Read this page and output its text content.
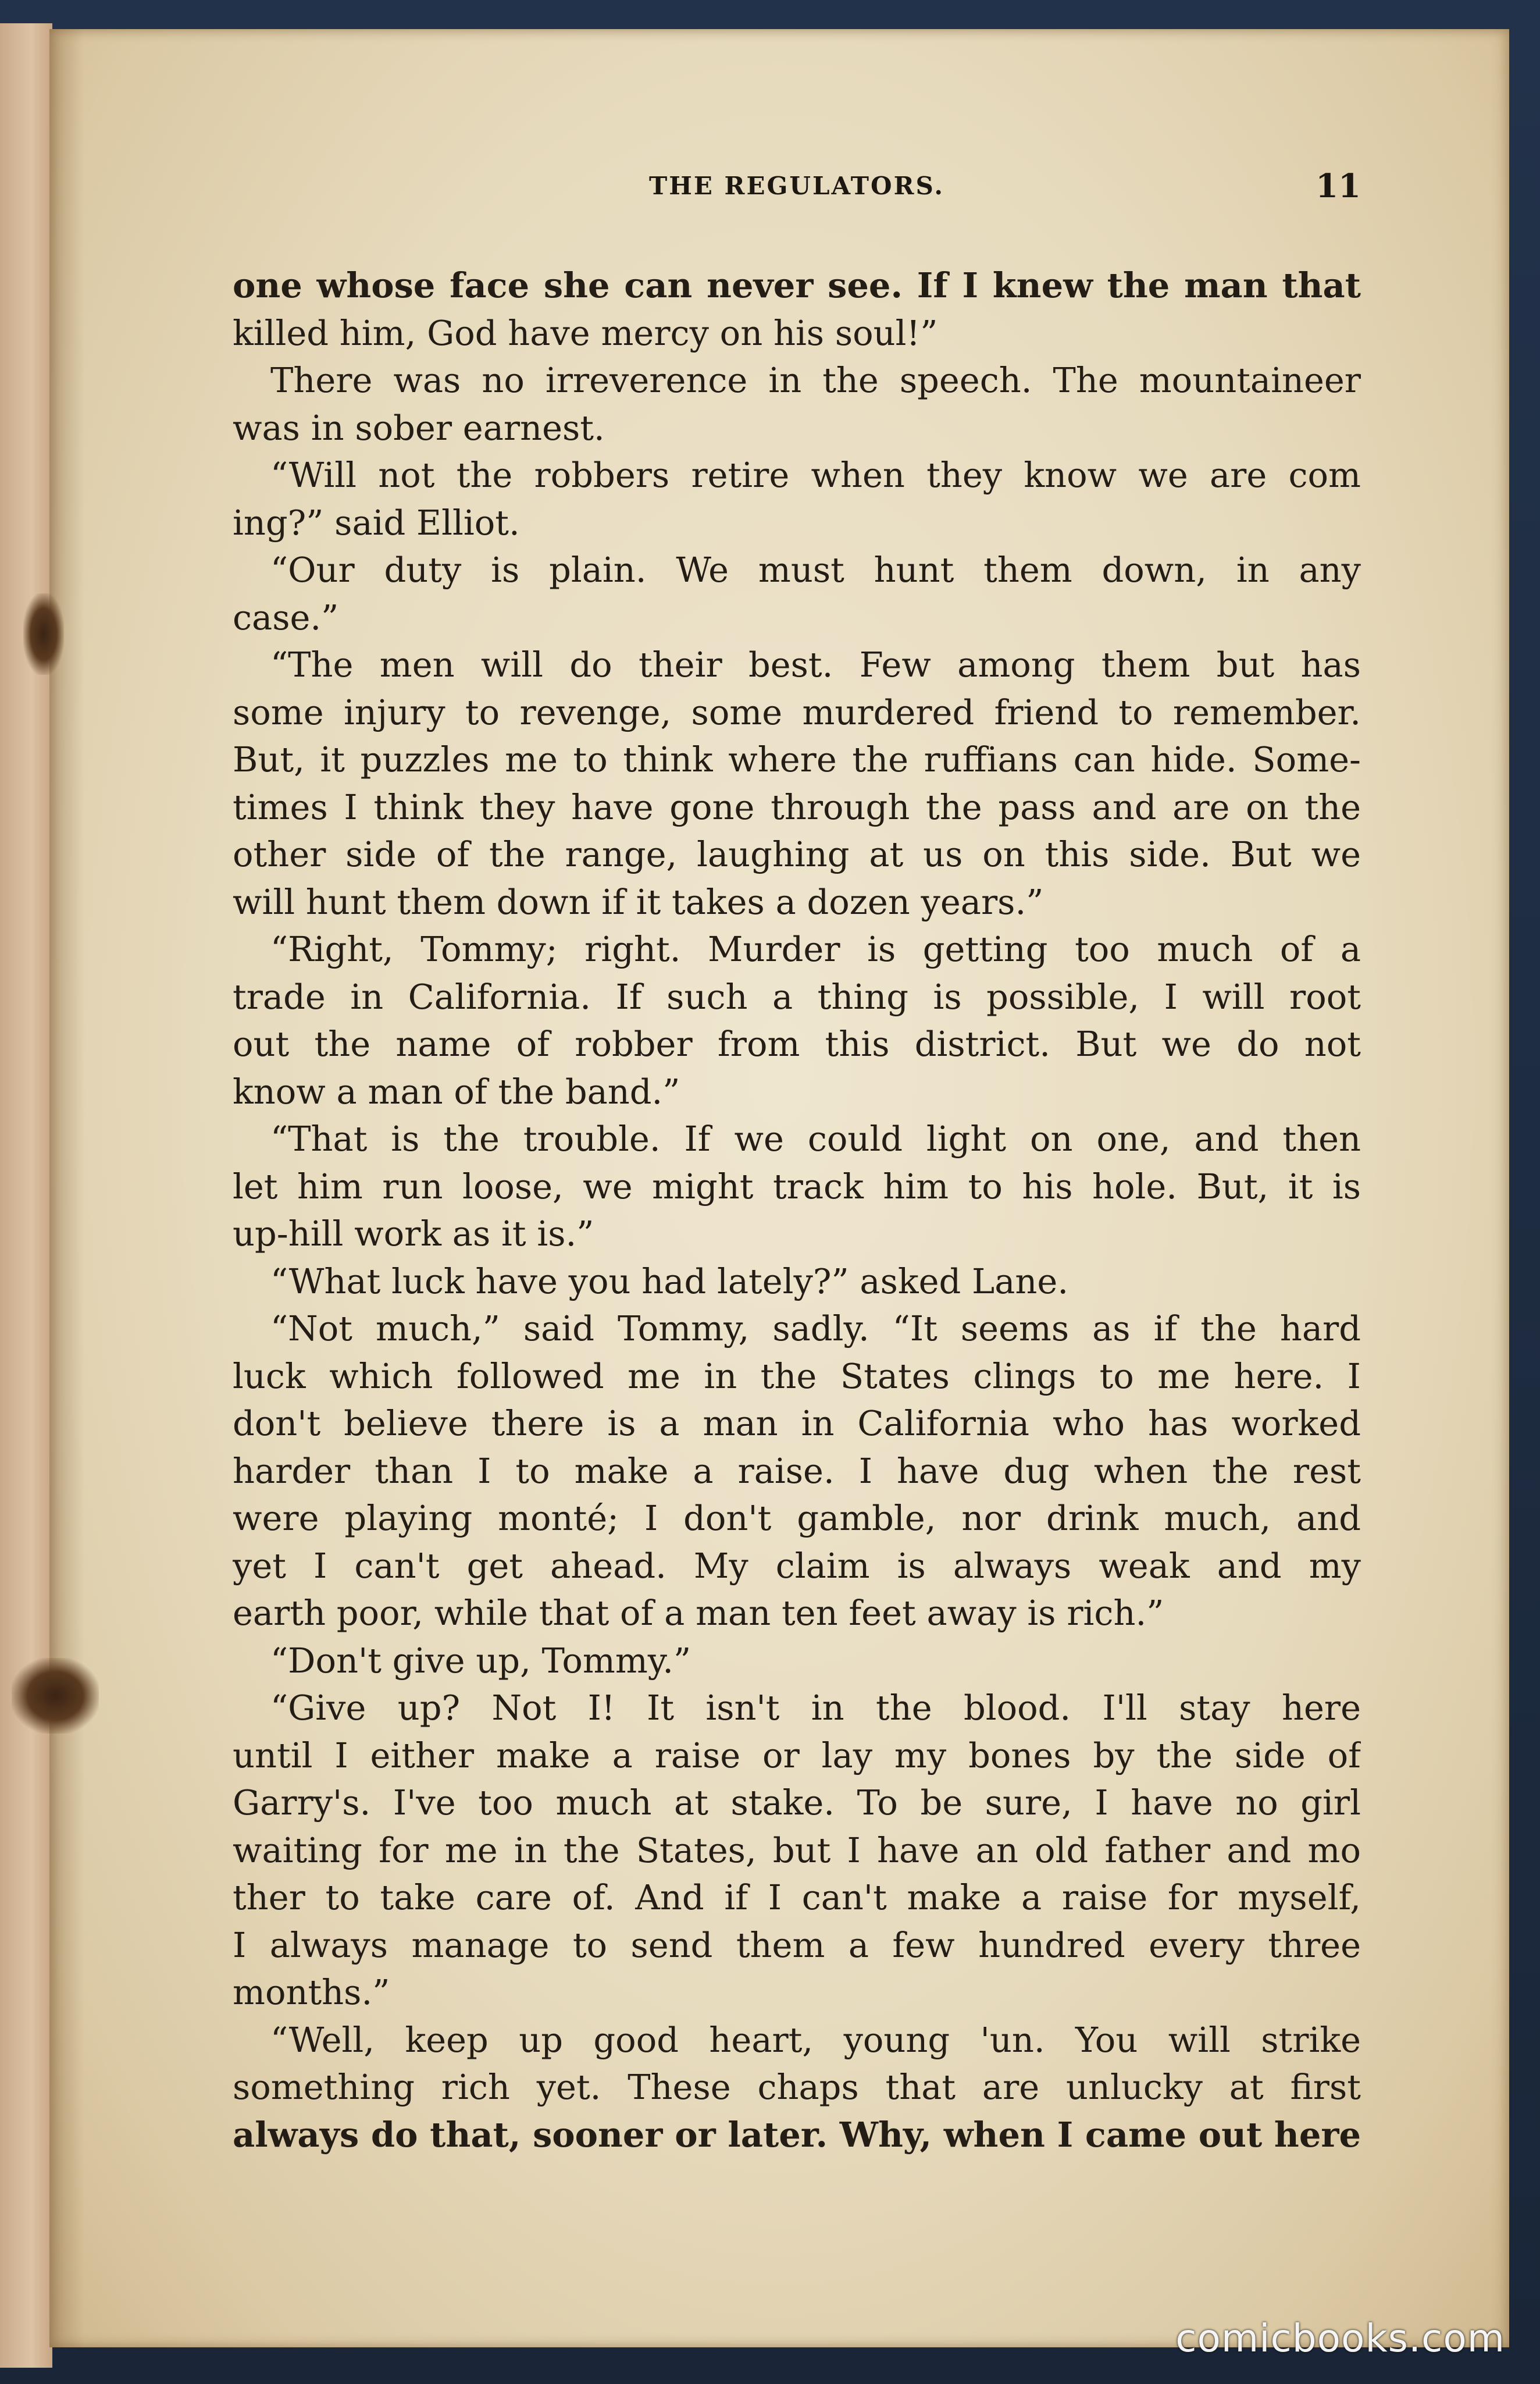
THE REGULATORS.	11
one whose face she can never see. If I knew the man that
killed him, God have mercy on his soul!”
There was no irreverence in the speech. The mountaineer
was in sober earnest.
“Will not the robbers retire when they know we are com
ing?” said Elliot.
“Our duty is plain. We must hunt them down, in any
case.”
“The men will do their best. Few among them but has
some injury to revenge, some murdered friend to remember.
But, it puzzles me to think where the ruffians can hide. Some-
times I think they have gone through the pass and are on the
other side of the range, laughing at us on this side. But we
will hunt them down if it takes a dozen years.”
“Right, Tommy; right. Murder is getting too much of a
trade in California. If such a thing is possible, I will root
out the name of robber from this district. But we do not
know a man of the band.”
“That is the trouble. If we could light on one, and then
let him run loose, we might track him to his hole. But, it is
up-hill work as it is.”
“What luck have you had lately?” asked Lane.
“Not much,” said Tommy, sadly. “It seems as if the hard
luck which followed me in the States clings to me here. I
don't believe there is a man in California who has worked
harder than I to make a raise. I have dug when the rest
were playing monté; I don't gamble, nor drink much, and
yet I can't get ahead. My claim is always weak and my
earth poor, while that of a man ten feet away is rich.”
“Don't give up, Tommy.”
“Give up? Not I! It isn't in the blood. I'll stay here
until I either make a raise or lay my bones by the side of
Garry's. I've too much at stake. To be sure, I have no girl
waiting for me in the States, but I have an old father and mo
ther to take care of. And if I can't make a raise for myself,
I always manage to send them a few hundred every three
months.”
“Well, keep up good heart, young 'un. You will strike
something rich yet. These chaps that are unlucky at first
always do that, sooner or later. Why, when I came out here
comicbooks.com
